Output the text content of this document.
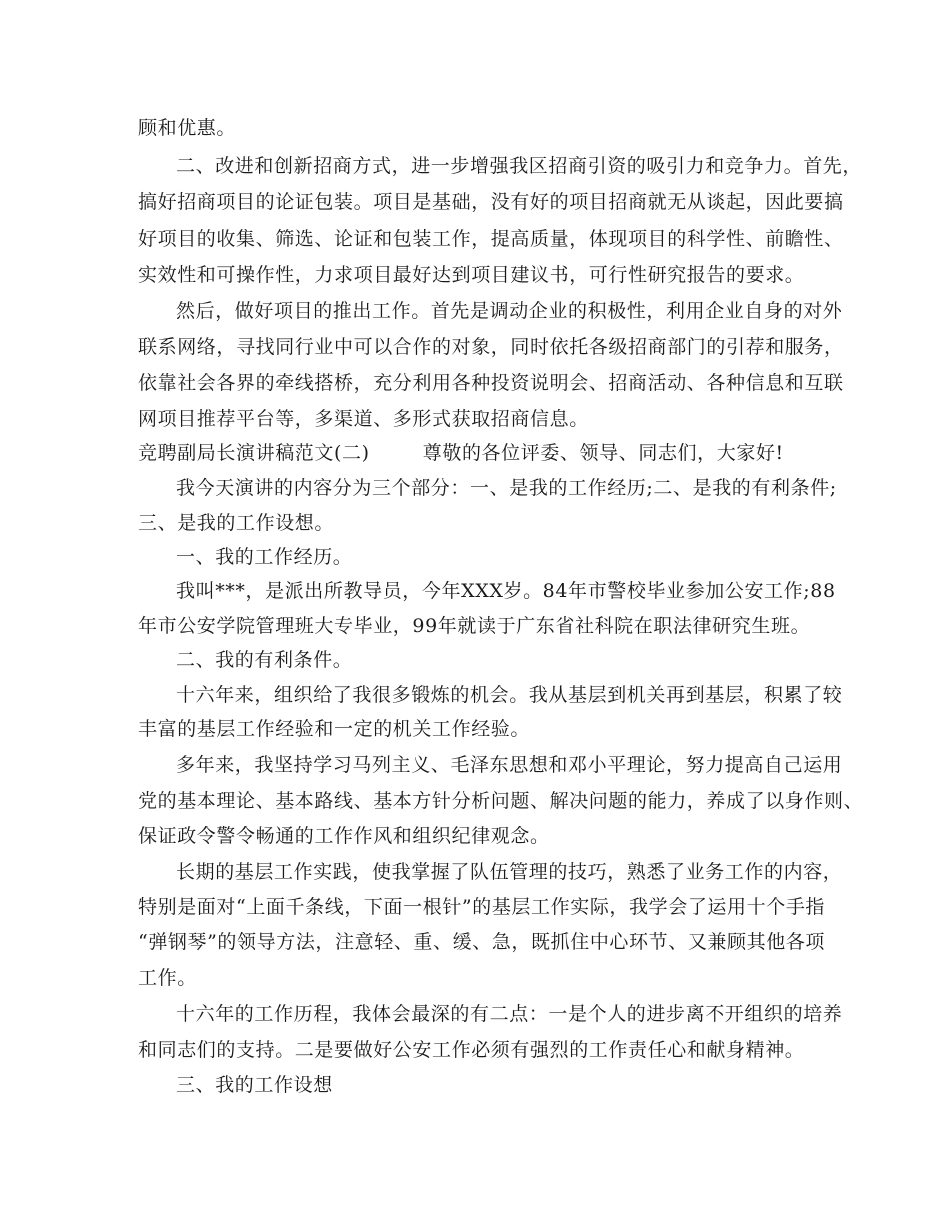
顾和优惠。
二、改进和创新招商方式，进一步增强我区招商引资的吸引力和竞争力。首先，
搞好招商项目的论证包装。项目是基础，没有好的项目招商就无从谈起，因此要搞
好项目的收集、筛选、论证和包装工作，提高质量，体现项目的科学性、前瞻性、
实效性和可操作性，力求项目最好达到项目建议书，可行性研究报告的要求。
然后，做好项目的推出工作。首先是调动企业的积极性，利用企业自身的对外
联系网络，寻找同行业中可以合作的对象，同时依托各级招商部门的引荐和服务，
依靠社会各界的牵线搭桥，充分利用各种投资说明会、招商活动、各种信息和互联
网项目推荐平台等，多渠道、多形式获取招商信息。
竞聘副局长演讲稿范文(二)        尊敬的各位评委、领导、同志们，大家好!
我今天演讲的内容分为三个部分：一、是我的工作经历;二、是我的有利条件;
三、是我的工作设想。
一、我的工作经历。
我叫***，是派出所教导员，今年XXX岁。84年市警校毕业参加公安工作;88
年市公安学院管理班大专毕业，99年就读于广东省社科院在职法律研究生班。
二、我的有利条件。
十六年来，组织给了我很多锻炼的机会。我从基层到机关再到基层，积累了较
丰富的基层工作经验和一定的机关工作经验。
多年来，我坚持学习马列主义、毛泽东思想和邓小平理论，努力提高自己运用
党的基本理论、基本路线、基本方针分析问题、解决问题的能力，养成了以身作则、
保证政令警令畅通的工作作风和组织纪律观念。
长期的基层工作实践，使我掌握了队伍管理的技巧，熟悉了业务工作的内容，
特别是面对“上面千条线，下面一根针”的基层工作实际，我学会了运用十个手指
“弹钢琴”的领导方法，注意轻、重、缓、急，既抓住中心环节、又兼顾其他各项
工作。
十六年的工作历程，我体会最深的有二点：一是个人的进步离不开组织的培养
和同志们的支持。二是要做好公安工作必须有强烈的工作责任心和献身精神。
三、我的工作设想
